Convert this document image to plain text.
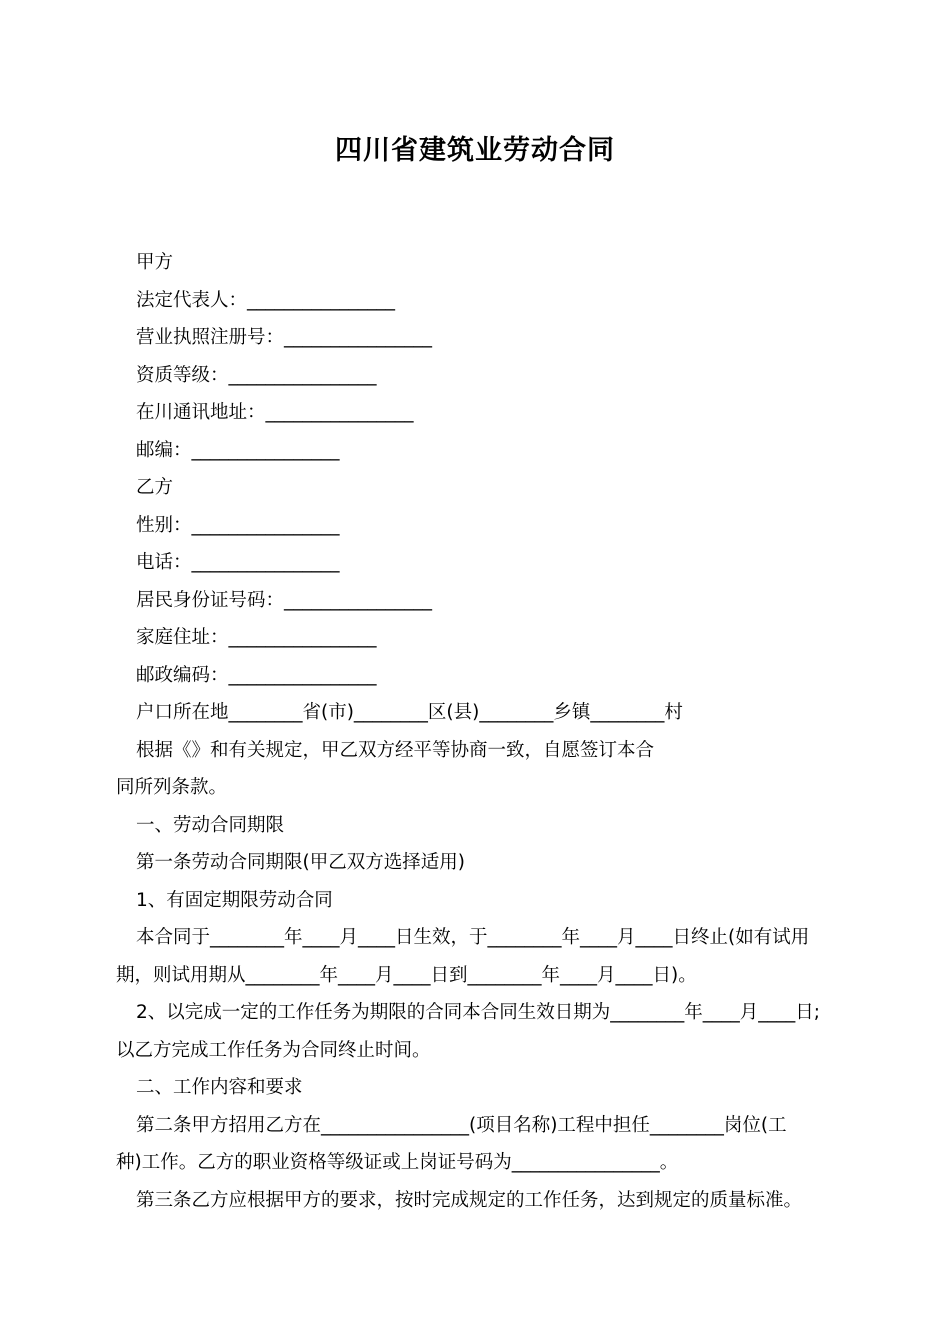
四川省建筑业劳动合同
甲方
法定代表人：________________
营业执照注册号：________________
资质等级：________________
在川通讯地址：________________
邮编：________________
乙方
性别：________________
电话：________________
居民身份证号码：________________
家庭住址：________________
邮政编码：________________
户口所在地________省(市)________区(县)________乡镇________村
根据《》和有关规定，甲乙双方经平等协商一致，自愿签订本合
同所列条款。
一、劳动合同期限
第一条劳动合同期限(甲乙双方选择适用)
1、有固定期限劳动合同
本合同于________年____月____日生效，于________年____月____日终止(如有试用
期，则试用期从________年____月____日到________年____月____日)。
2、以完成一定的工作任务为期限的合同本合同生效日期为________年____月____日;
以乙方完成工作任务为合同终止时间。
二、工作内容和要求
第二条甲方招用乙方在________________(项目名称)工程中担任________岗位(工
种)工作。乙方的职业资格等级证或上岗证号码为________________。
第三条乙方应根据甲方的要求，按时完成规定的工作任务，达到规定的质量标准。
